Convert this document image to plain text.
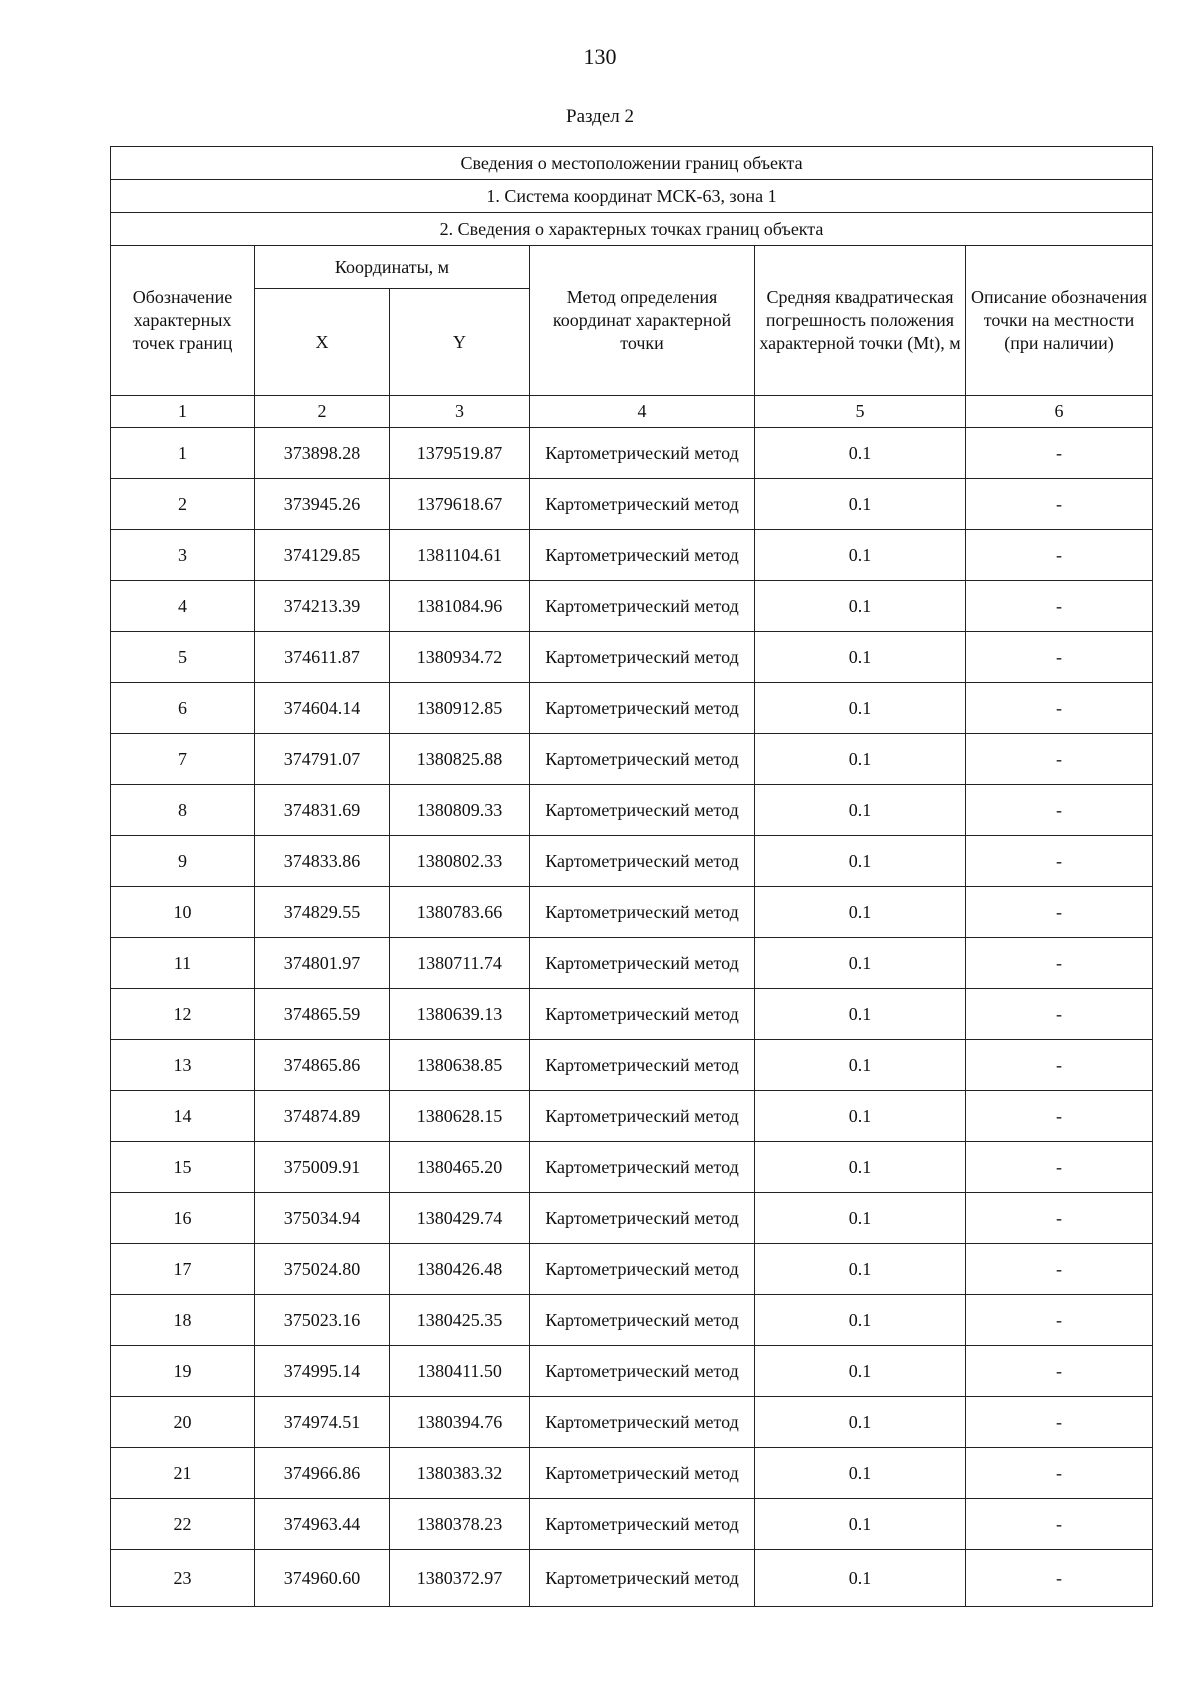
130
Раздел 2
Сведения о местоположении границ объекта					
1. Система координат МСК-63, зона 1					
2. Сведения о характерных точках границ объекта					
Обозначение характерных точек границ	Координаты, м		Метод определения координат характерной точки	Средняя квадратическая погрешность положения характерной точки (Mt), м	Описание обозначения точки на местности (при наличии)
	X	Y			
1	2	3	4	5	6
1	373898.28	1379519.87	Картометрический метод	0.1	-
2	373945.26	1379618.67	Картометрический метод	0.1	-
3	374129.85	1381104.61	Картометрический метод	0.1	-
4	374213.39	1381084.96	Картометрический метод	0.1	-
5	374611.87	1380934.72	Картометрический метод	0.1	-
6	374604.14	1380912.85	Картометрический метод	0.1	-
7	374791.07	1380825.88	Картометрический метод	0.1	-
8	374831.69	1380809.33	Картометрический метод	0.1	-
9	374833.86	1380802.33	Картометрический метод	0.1	-
10	374829.55	1380783.66	Картометрический метод	0.1	-
11	374801.97	1380711.74	Картометрический метод	0.1	-
12	374865.59	1380639.13	Картометрический метод	0.1	-
13	374865.86	1380638.85	Картометрический метод	0.1	-
14	374874.89	1380628.15	Картометрический метод	0.1	-
15	375009.91	1380465.20	Картометрический метод	0.1	-
16	375034.94	1380429.74	Картометрический метод	0.1	-
17	375024.80	1380426.48	Картометрический метод	0.1	-
18	375023.16	1380425.35	Картометрический метод	0.1	-
19	374995.14	1380411.50	Картометрический метод	0.1	-
20	374974.51	1380394.76	Картометрический метод	0.1	-
21	374966.86	1380383.32	Картометрический метод	0.1	-
22	374963.44	1380378.23	Картометрический метод	0.1	-
23	374960.60	1380372.97	Картометрический метод	0.1	-
